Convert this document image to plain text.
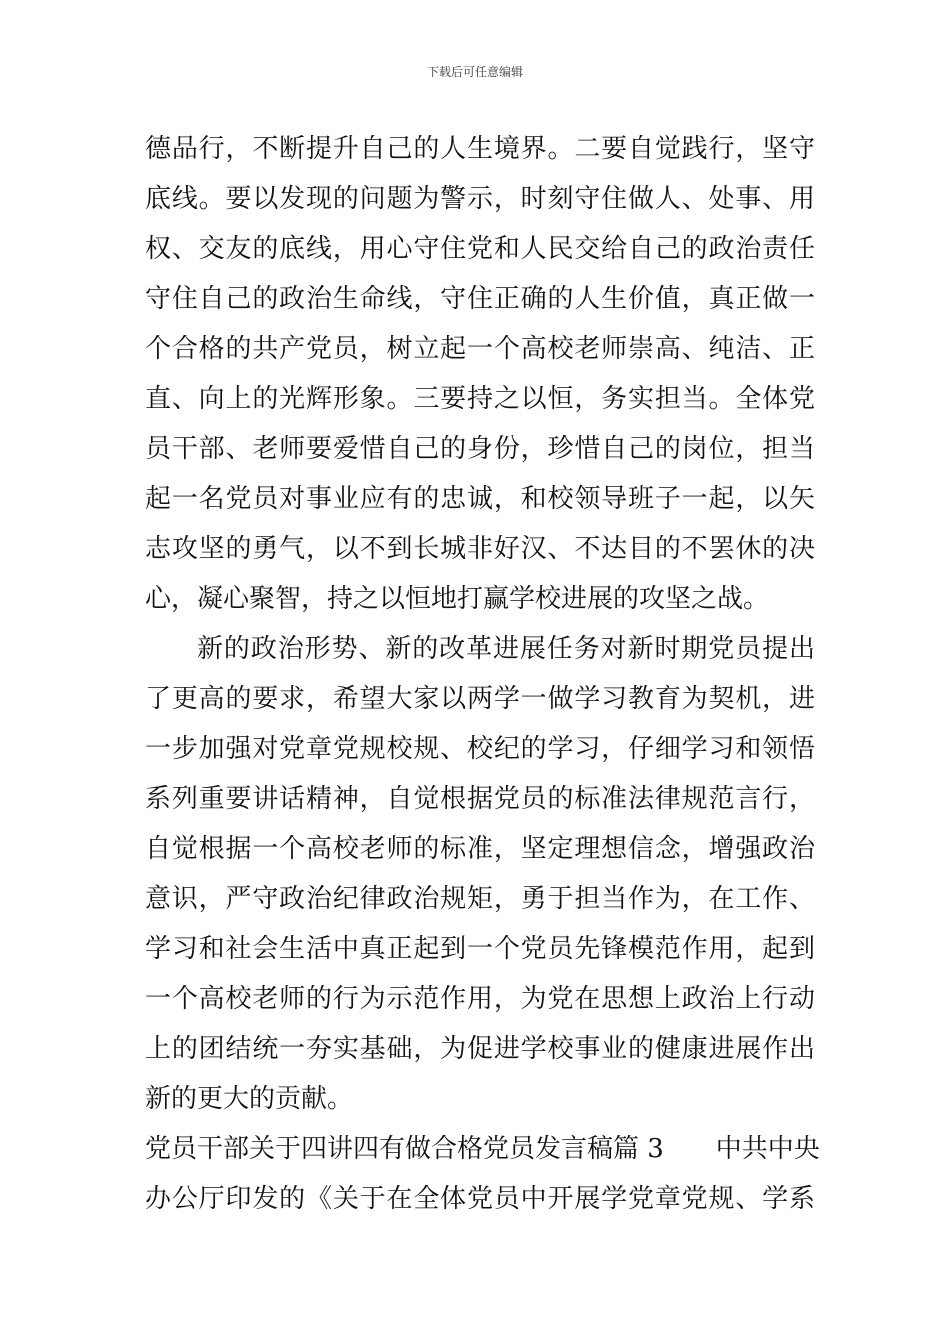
下载后可任意编辑
德品行，不断提升自己的人生境界。二要自觉践行，坚守
底线。要以发现的问题为警示，时刻守住做人、处事、用
权、交友的底线，用心守住党和人民交给自己的政治责任
守住自己的政治生命线，守住正确的人生价值，真正做一
个合格的共产党员，树立起一个高校老师崇高、纯洁、正
直、向上的光辉形象。三要持之以恒，务实担当。全体党
员干部、老师要爱惜自己的身份，珍惜自己的岗位，担当
起一名党员对事业应有的忠诚，和校领导班子一起，以矢
志攻坚的勇气，以不到长城非好汉、不达目的不罢休的决
心，凝心聚智，持之以恒地打赢学校进展的攻坚之战。
新的政治形势、新的改革进展任务对新时期党员提出
了更高的要求，希望大家以两学一做学习教育为契机，进
一步加强对党章党规校规、校纪的学习，仔细学习和领悟
系列重要讲话精神，自觉根据党员的标准法律规范言行，
自觉根据一个高校老师的标准，坚定理想信念，增强政治
意识，严守政治纪律政治规矩，勇于担当作为，在工作、
学习和社会生活中真正起到一个党员先锋模范作用，起到
一个高校老师的行为示范作用，为党在思想上政治上行动
上的团结统一夯实基础，为促进学校事业的健康进展作出
新的更大的贡献。
党员干部关于四讲四有做合格党员发言稿篇 3　　中共中央
办公厅印发的《关于在全体党员中开展学党章党规、学系
